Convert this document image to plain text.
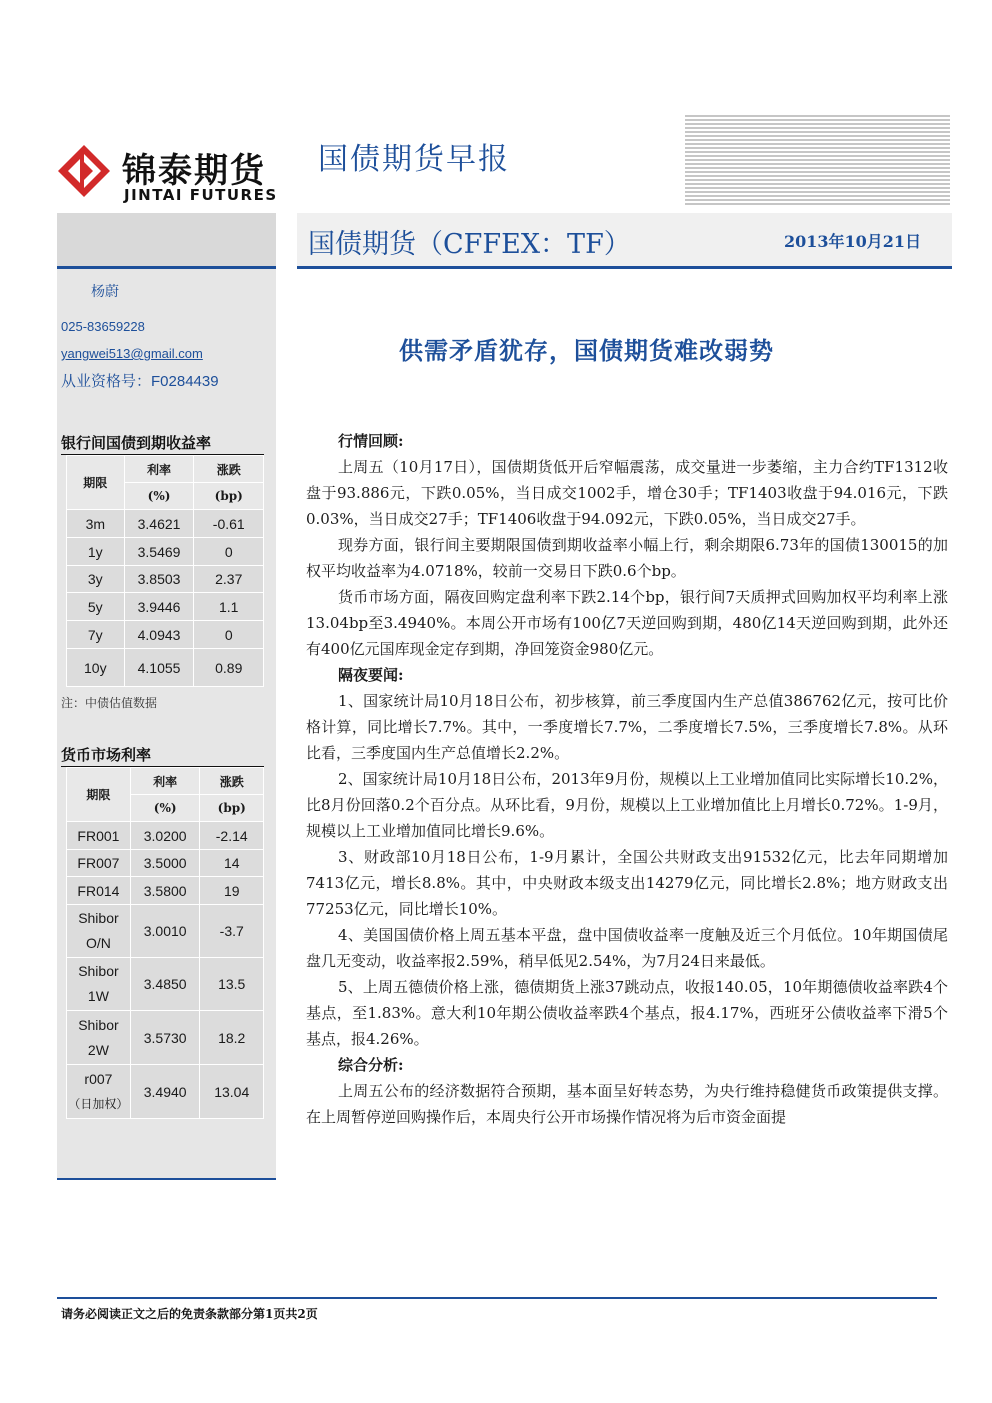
锦泰期货
JINTAI FUTURES
国债期货早报
国债期货（CFFEX：TF）	2013年10月21日
杨蔚
025-83659228
yangwei513@gmail.com
从业资格号：F0284439
银行间国债到期收益率
期限	利率	涨跌
	(%)	(bp)
3m	3.4621	-0.61
1y	3.5469	0
3y	3.8503	2.37
5y	3.9446	1.1
7y	4.0943	0
10y	4.1055	0.89
注：中债估值数据
货币市场利率
期限	利率	涨跌
	(%)	(bp)
FR001	3.0200	-2.14
FR007	3.5000	14
FR014	3.5800	19

Shibor
O/N	3.0010	-3.7

Shibor
1W	3.4850	13.5

Shibor
2W	3.5730	18.2

r007
（日加权）	3.4940	13.04
供需矛盾犹存，国债期货难改弱势

行情回顾:

上周五（10月17日），国债期货低开后窄幅震荡，成交量进一步萎缩，主力合约TF1312收盘于93.886元，下跌0.05%，当日成交1002手，增仓30手；TF1403收盘于94.016元，下跌0.03%，当日成交27手；TF1406收盘于94.092元，下跌0.05%，当日成交27手。

现券方面，银行间主要期限国债到期收益率小幅上行，剩余期限6.73年的国债130015的加权平均收益率为4.0718%，较前一交易日下跌0.6个bp。

货币市场方面，隔夜回购定盘利率下跌2.14个bp，银行间7天质押式回购加权平均利率上涨13.04bp至3.4940%。本周公开市场有100亿7天逆回购到期，480亿14天逆回购到期，此外还有400亿元国库现金定存到期，净回笼资金980亿元。

隔夜要闻:

1、国家统计局10月18日公布，初步核算，前三季度国内生产总值386762亿元，按可比价格计算，同比增长7.7%。其中，一季度增长7.7%，二季度增长7.5%，三季度增长7.8%。从环比看，三季度国内生产总值增长2.2%。

2、国家统计局10月18日公布，2013年9月份，规模以上工业增加值同比实际增长10.2%，比8月份回落0.2个百分点。从环比看，9月份，规模以上工业增加值比上月增长0.72%。1-9月，规模以上工业增加值同比增长9.6%。

3、财政部10月18日公布，1-9月累计，全国公共财政支出91532亿元，比去年同期增加7413亿元，增长8.8%。其中，中央财政本级支出14279亿元，同比增长2.8%；地方财政支出77253亿元，同比增长10%。

4、美国国债价格上周五基本平盘，盘中国债收益率一度触及近三个月低位。10年期国债尾盘几无变动，收益率报2.59%，稍早低见2.54%，为7月24日来最低。

5、上周五德债价格上涨，德债期货上涨37跳动点，收报140.05，10年期德债收益率跌4个基点，至1.83%。意大利10年期公债收益率跌4个基点，报4.17%，西班牙公债收益率下滑5个基点，报4.26%。

综合分析:

上周五公布的经济数据符合预期，基本面呈好转态势，为央行维持稳健货币政策提供支撑。在上周暂停逆回购操作后，本周央行公开市场操作情况将为后市资金面提

请务必阅读正文之后的免责条款部分第1页共2页
